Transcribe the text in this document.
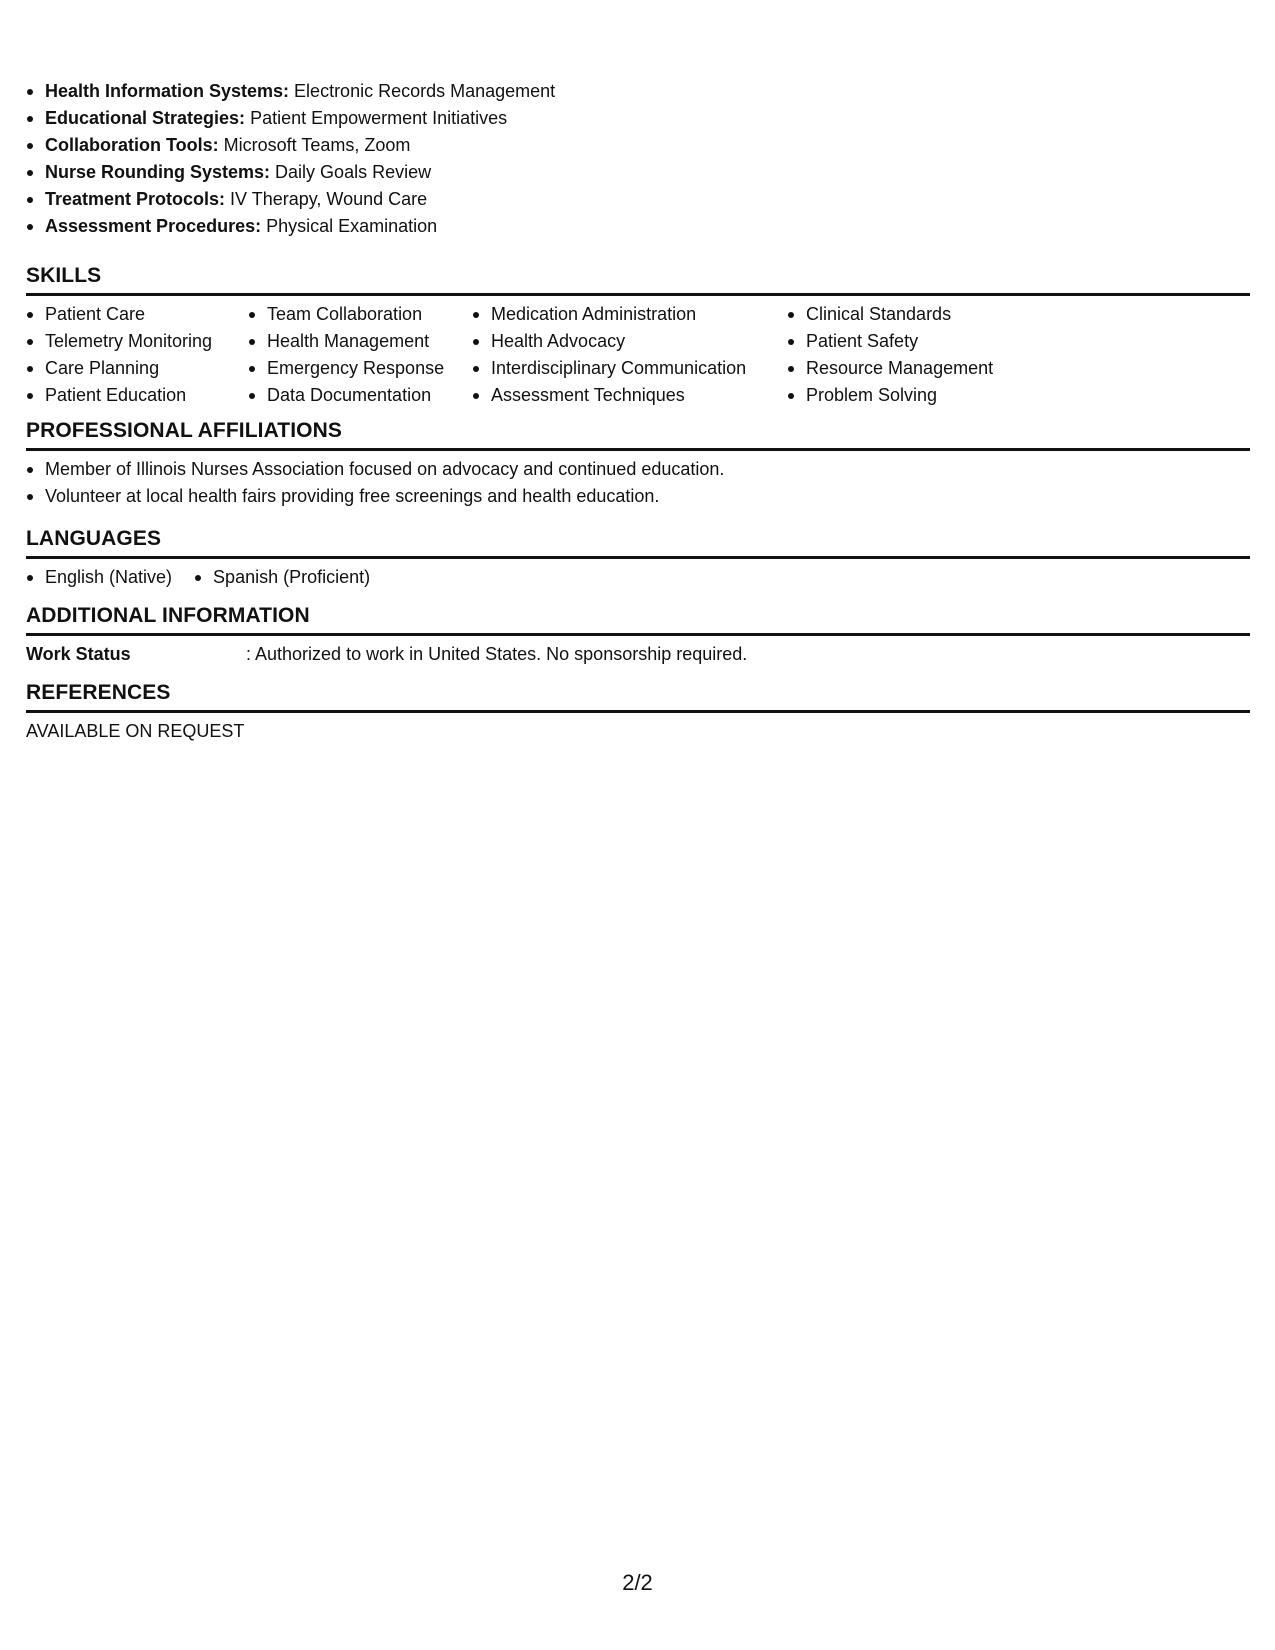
Health Information Systems: Electronic Records Management
Educational Strategies: Patient Empowerment Initiatives
Collaboration Tools: Microsoft Teams, Zoom
Nurse Rounding Systems: Daily Goals Review
Treatment Protocols: IV Therapy, Wound Care
Assessment Procedures: Physical Examination
SKILLS
Patient Care
Telemetry Monitoring
Care Planning
Patient Education
Team Collaboration
Health Management
Emergency Response
Data Documentation
Medication Administration
Health Advocacy
Interdisciplinary Communication
Assessment Techniques
Clinical Standards
Patient Safety
Resource Management
Problem Solving
PROFESSIONAL AFFILIATIONS
Member of Illinois Nurses Association focused on advocacy and continued education.
Volunteer at local health fairs providing free screenings and health education.
LANGUAGES
English (Native)	Spanish (Proficient)
ADDITIONAL INFORMATION
Work Status	: Authorized to work in United States. No sponsorship required.
REFERENCES
AVAILABLE ON REQUEST
2/2
